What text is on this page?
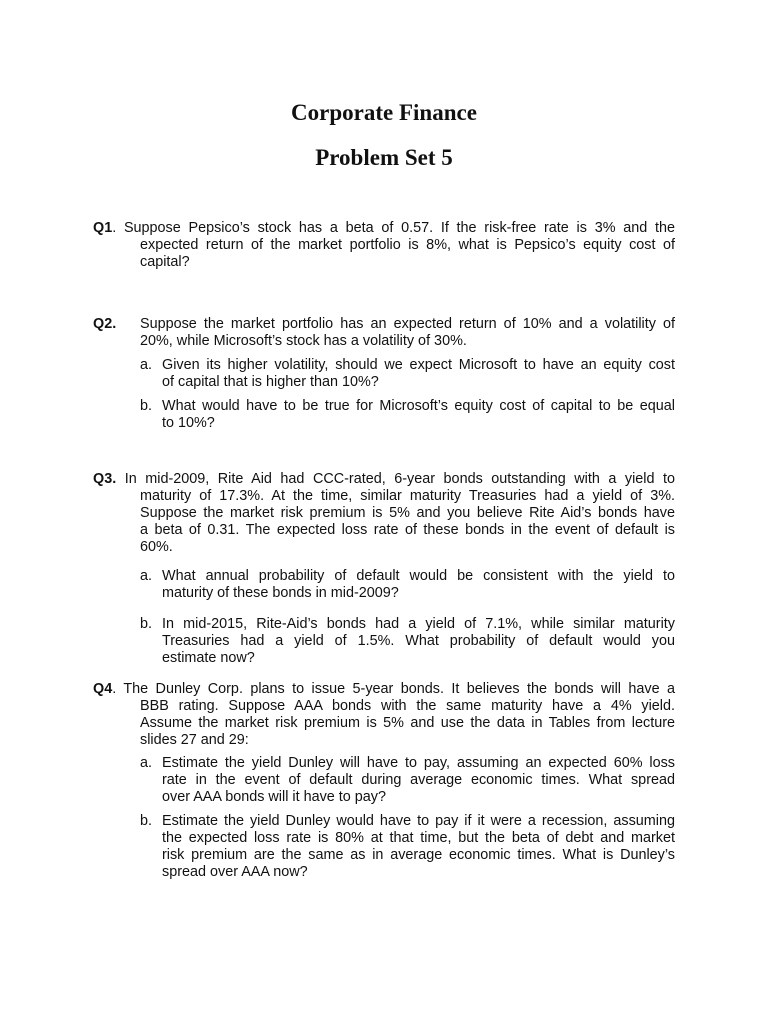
Corporate Finance
Problem Set 5
Q1. Suppose Pepsico’s stock has a beta of 0.57. If the risk-free rate is 3% and the
expected return of the market portfolio is 8%, what is Pepsico’s equity cost of
capital?
Q2.	Suppose the market portfolio has an expected return of 10% and a volatility of
20%, while Microsoft’s stock has a volatility of 30%.
a. Given its higher volatility, should we expect Microsoft to have an equity cost
of capital that is higher than 10%?
b. What would have to be true for Microsoft’s equity cost of capital to be equal
to 10%?
Q3. In mid-2009, Rite Aid had CCC-rated, 6-year bonds outstanding with a yield to
maturity of 17.3%. At the time, similar maturity Treasuries had a yield of 3%.
Suppose the market risk premium is 5% and you believe Rite Aid’s bonds have
a beta of 0.31. The expected loss rate of these bonds in the event of default is
60%.
a. What annual probability of default would be consistent with the yield to
maturity of these bonds in mid-2009?
b. In mid-2015, Rite-Aid’s bonds had a yield of 7.1%, while similar maturity
Treasuries had a yield of 1.5%. What probability of default would you
estimate now?
Q4. The Dunley Corp. plans to issue 5-year bonds. It believes the bonds will have a
BBB rating. Suppose AAA bonds with the same maturity have a 4% yield.
Assume the market risk premium is 5% and use the data in Tables from lecture
slides 27 and 29:
a. Estimate the yield Dunley will have to pay, assuming an expected 60% loss
rate in the event of default during average economic times. What spread
over AAA bonds will it have to pay?
b. Estimate the yield Dunley would have to pay if it were a recession, assuming
the expected loss rate is 80% at that time, but the beta of debt and market
risk premium are the same as in average economic times. What is Dunley’s
spread over AAA now?
